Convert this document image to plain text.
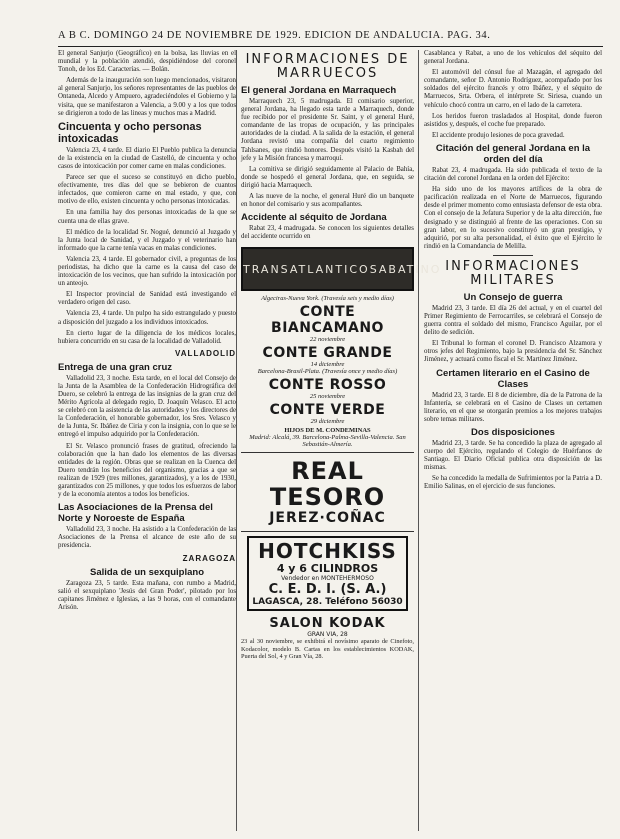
A B C. DOMINGO 24 DE NOVIEMBRE DE 1929. EDICION DE ANDALUCIA. PAG. 34.

El general Sanjurjo (Geográfico) en la bolsa, las lluvias en el mundial y la población atendió, despidiéndose del coronel Tonoh, de los Ed. Caracterías. — Bolán.

Además de la inauguración son luego mencionados, visitaron al general Sanjurjo, los señores representantes de las pueblos de Ontaneda, Alcedo y Ampuero, agradeciéndoles el Gobierno y la visita, que se manifestaron a Valencia, a 9.00 y a los que todos se dirigieron a todo de las lineas y muchos mas a Madrid.

Cincuenta y ocho personas intoxicadas

Valencia 23, 4 tarde. El diario El Pueblo publica la denuncia de la existencia en la ciudad de Castelló, de cincuenta y ocho casos de intoxicación por comer carne en malas condiciones.

Parece ser que el suceso se constituyó en dicho pueblo, efectivamente, tres días del que se bebieron de cuantos infectados, que comieron carne en mal estado, y que, con motivo de ello, existen cincuenta y ocho personas intoxicadas.

En una familia hay dos personas intoxicadas de la que se cuenta una de ellas grave.

El médico de la localidad Sr. Nogué, denunció al Juzgado y la Junta local de Sanidad, y el Juzgado y el veterinario han informado que la carne tenía vacas en malas condiciones.

Valencia 23, 4 tarde. El gobernador civil, a preguntas de los periodistas, ha dicho que la carne es la causa del caso de intoxicación de los vecinos, que han sufrido la intoxicación por un anteojo.

El Inspector provincial de Sanidad está investigando el verdadero origen del caso.

Valencia 23, 4 tarde. Un pulpo ha sido estrangulado y puesto a disposición del juzgado a los individuos intoxicados.

En cierto lugar de la diligencia de los médicos locales, hubiera concurrido en su casa de la localidad de Valladolid.

VALLADOLID
Entrega de una gran cruz

Valladolid 23, 3 noche. Esta tarde, en el local del Consejo de la Junta de la Asamblea de la Confederación Hidrográfica del Duero, se celebró la entrega de las insignias de la gran cruz del Mérito Agrícola al delegado regio, D. Joaquín Velasco. El acto se celebró con la asistencia de las autoridades y los directores de la Confederación, el honorable gobernador, los Sres. Velasco y de la Junta, Sr. Ibáñez de Ciria y con la insignia, con lo que se le entregó el impulso adquirido por la Confederación.

El Sr. Velasco pronunció frases de gratitud, ofreciendo la colaboración que la han dado los elementos de las diversas entidades de la región. Obras que se realizan en la Cuenca del Duero tendrán los beneficios del organismo, gracias a que se realizan de 1929 (tres millones, garantizados), y a los de 1930, garantizados con 25 millones, y que todos los esfuerzos de labor y de la economía atentos a todos los beneficios.

Las Asociaciones de la Prensa del Norte y Noroeste de España

Valladolid 23, 3 noche. Ha asistido a la Confederación de las Asociaciones de la Prensa el alcance de este año de su presidencia.

ZARAGOZA
Salida de un sexquiplano

Zaragoza 23, 5 tarde. Esta mañana, con rumbo a Madrid, salió el sexquiplano 'Jesús del Gran Poder', pilotado por los capitanes Jiménez e Iglesias, a las 9 horas, con el comandante Arisón.

INFORMACIONES DE MARRUECOS
El general Jordana en Marraquech

Marraquech 23, 5 madrugada. El comisario superior, general Jordana, ha llegado esta tarde a Marraquech, donde fue recibido por el presidente Sr. Saint, y el general Huré, comandante de las tropas de ocupación, y las principales autoridades de la ciudad. A la salida de la estación, el general Jordana revistó una compañía del cuarto regimiento Tahlsanes, que rindió honores. Después visitó la Kasbah del jefe y la Misión francesa y marroquí.

La comitiva se dirigió seguidamente al Palacio de Bahía, donde se hospedó el general Jordana, que, en seguida, se dirigió hacia Marraquech.

A las nueve de la noche, el general Huré dio un banquete en honor del comisario y sus acompañantes.

Accidente al séquito de Jordana

Rabat 23, 4 madrugada. Se conocen los siguientes detalles del accidente ocurrido en

TRANSATLANTICO SABATINO
Algeciras-Nueva York. (Travesía seis y medio días)
CONTE BIANCAMANO
22 noviembre
CONTE GRANDE
14 diciembre
Barcelona-Brasil-Plata. (Travesía once y medio días)
CONTE ROSSO
25 noviembre
CONTE VERDE
29 diciembre
HIJOS DE M. CONDEMINAS
Madrid: Alcalá, 39. Barcelona-Palma-Sevilla-Valencia. San Sebastián-Almería.
REAL TESORO
JEREZ·COÑAC
HOTCHKISS
4 y 6 CILINDROS
Vendedor en MONTEHERMOSO
C. E. D. I. (S. A.)
LAGASCA, 28. Teléfono 56030
SALON KODAK
GRAN VIA, 28

23 al 30 noviembre, se exhibirá el novísimo aparato de Cinefoto, Kodacolor, modelo B. Cartas en los establecimientos KODAK, Puerta del Sol, 4 y Gran Vía, 28.

Casablanca y Rabat, a uno de los vehículos del séquito del general Jordana.

El automóvil del cónsul fue al Mazagán, el agregado del comandante, señor D. Antonio Rodríguez, acompañado por los soldados del ejército francés y otro Ibáñez, y el séquito de Marruecos, Srta. Orbera, el intérprete Sr. Siriesa, cuando un vehículo chocó contra un carro, en el lado de la carretera.

Los heridos fueron trasladados al Hospital, donde fueron asistidos y, después, el coche fue preparado.

El accidente produjo lesiones de poca gravedad.

Citación del general Jordana en la orden del día

Rabat 23, 4 madrugada. Ha sido publicada el texto de la citación del coronel Jordana en la orden del Ejército:

Ha sido uno de los mayores artífices de la obra de pacificación realizada en el Norte de Marruecos, figurando desde el primer momento como entusiasta defensor de esta obra. Con el consejo de la Jefatura Superior y de la alta dirección, fue designado y se distinguió al frente de las operaciones. Con su gran labor, en lo sucesivo constituyó un gran prestigio, y adquirió, por su alta personalidad, el éxito que el Ejército le rindió en la Comandancia de Melilla.

INFORMACIONES MILITARES
Un Consejo de guerra

Madrid 23, 3 tarde. El día 26 del actual, y en el cuartel del Primer Regimiento de Ferrocarriles, se celebrará el Consejo de guerra contra el soldado del mismo, Francisco Aguilar, por el delito de sedición.

El Tribunal lo forman el coronel D. Francisco Alzamora y otros jefes del Regimiento, bajo la presidencia del Sr. Sánchez Jiménez, y actuará como fiscal el Sr. Martínez Jiménez.

Certamen literario en el Casino de Clases

Madrid 23, 3 tarde. El 8 de diciembre, día de la Patrona de la Infantería, se celebrará en el Casino de Clases un certamen literario, en el que se otorgarán premios a los mejores trabajos sobre temas militares.

Dos disposiciones

Madrid 23, 3 tarde. Se ha concedido la plaza de agregado al cuerpo del Ejército, regulando el Colegio de Huérfanos de Santiago. El Diario Oficial publica otra disposición de las mismas.

Se ha concedido la medalla de Sufrimientos por la Patria a D. Emilio Salinas, en el ejercicio de sus funciones.
